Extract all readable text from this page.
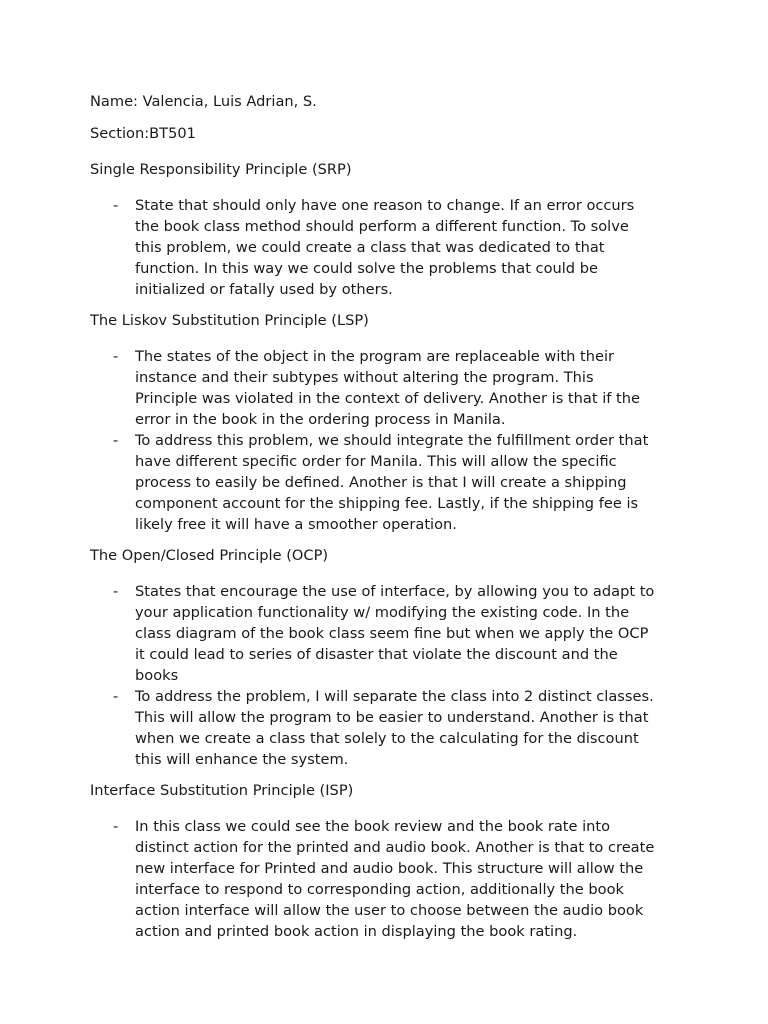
Name: Valencia, Luis Adrian, S.

Section:BT501

Single Responsibility Principle (SRP)

- State that should only have one reason to change. If an error occurs
the book class method should perform a different function. To solve
this problem, we could create a class that was dedicated to that
function. In this way we could solve the problems that could be
initialized or fatally used by others.

The Liskov Substitution Principle (LSP)

- The states of the object in the program are replaceable with their
instance and their subtypes without altering the program. This
Principle was violated in the context of delivery. Another is that if the
error in the book in the ordering process in Manila.
- To address this problem, we should integrate the fulfillment order that
have different specific order for Manila. This will allow the specific
process to easily be defined. Another is that I will create a shipping
component account for the shipping fee. Lastly, if the shipping fee is
likely free it will have a smoother operation.

The Open/Closed Principle (OCP)

- States that encourage the use of interface, by allowing you to adapt to
your application functionality w/ modifying the existing code. In the
class diagram of the book class seem fine but when we apply the OCP
it could lead to series of disaster that violate the discount and the
books
- To address the problem, I will separate the class into 2 distinct classes.
This will allow the program to be easier to understand. Another is that
when we create a class that solely to the calculating for the discount
this will enhance the system.

Interface Substitution Principle (ISP)

- In this class we could see the book review and the book rate into
distinct action for the printed and audio book. Another is that to create
new interface for Printed and audio book. This structure will allow the
interface to respond to corresponding action, additionally the book
action interface will allow the user to choose between the audio book
action and printed book action in displaying the book rating.
